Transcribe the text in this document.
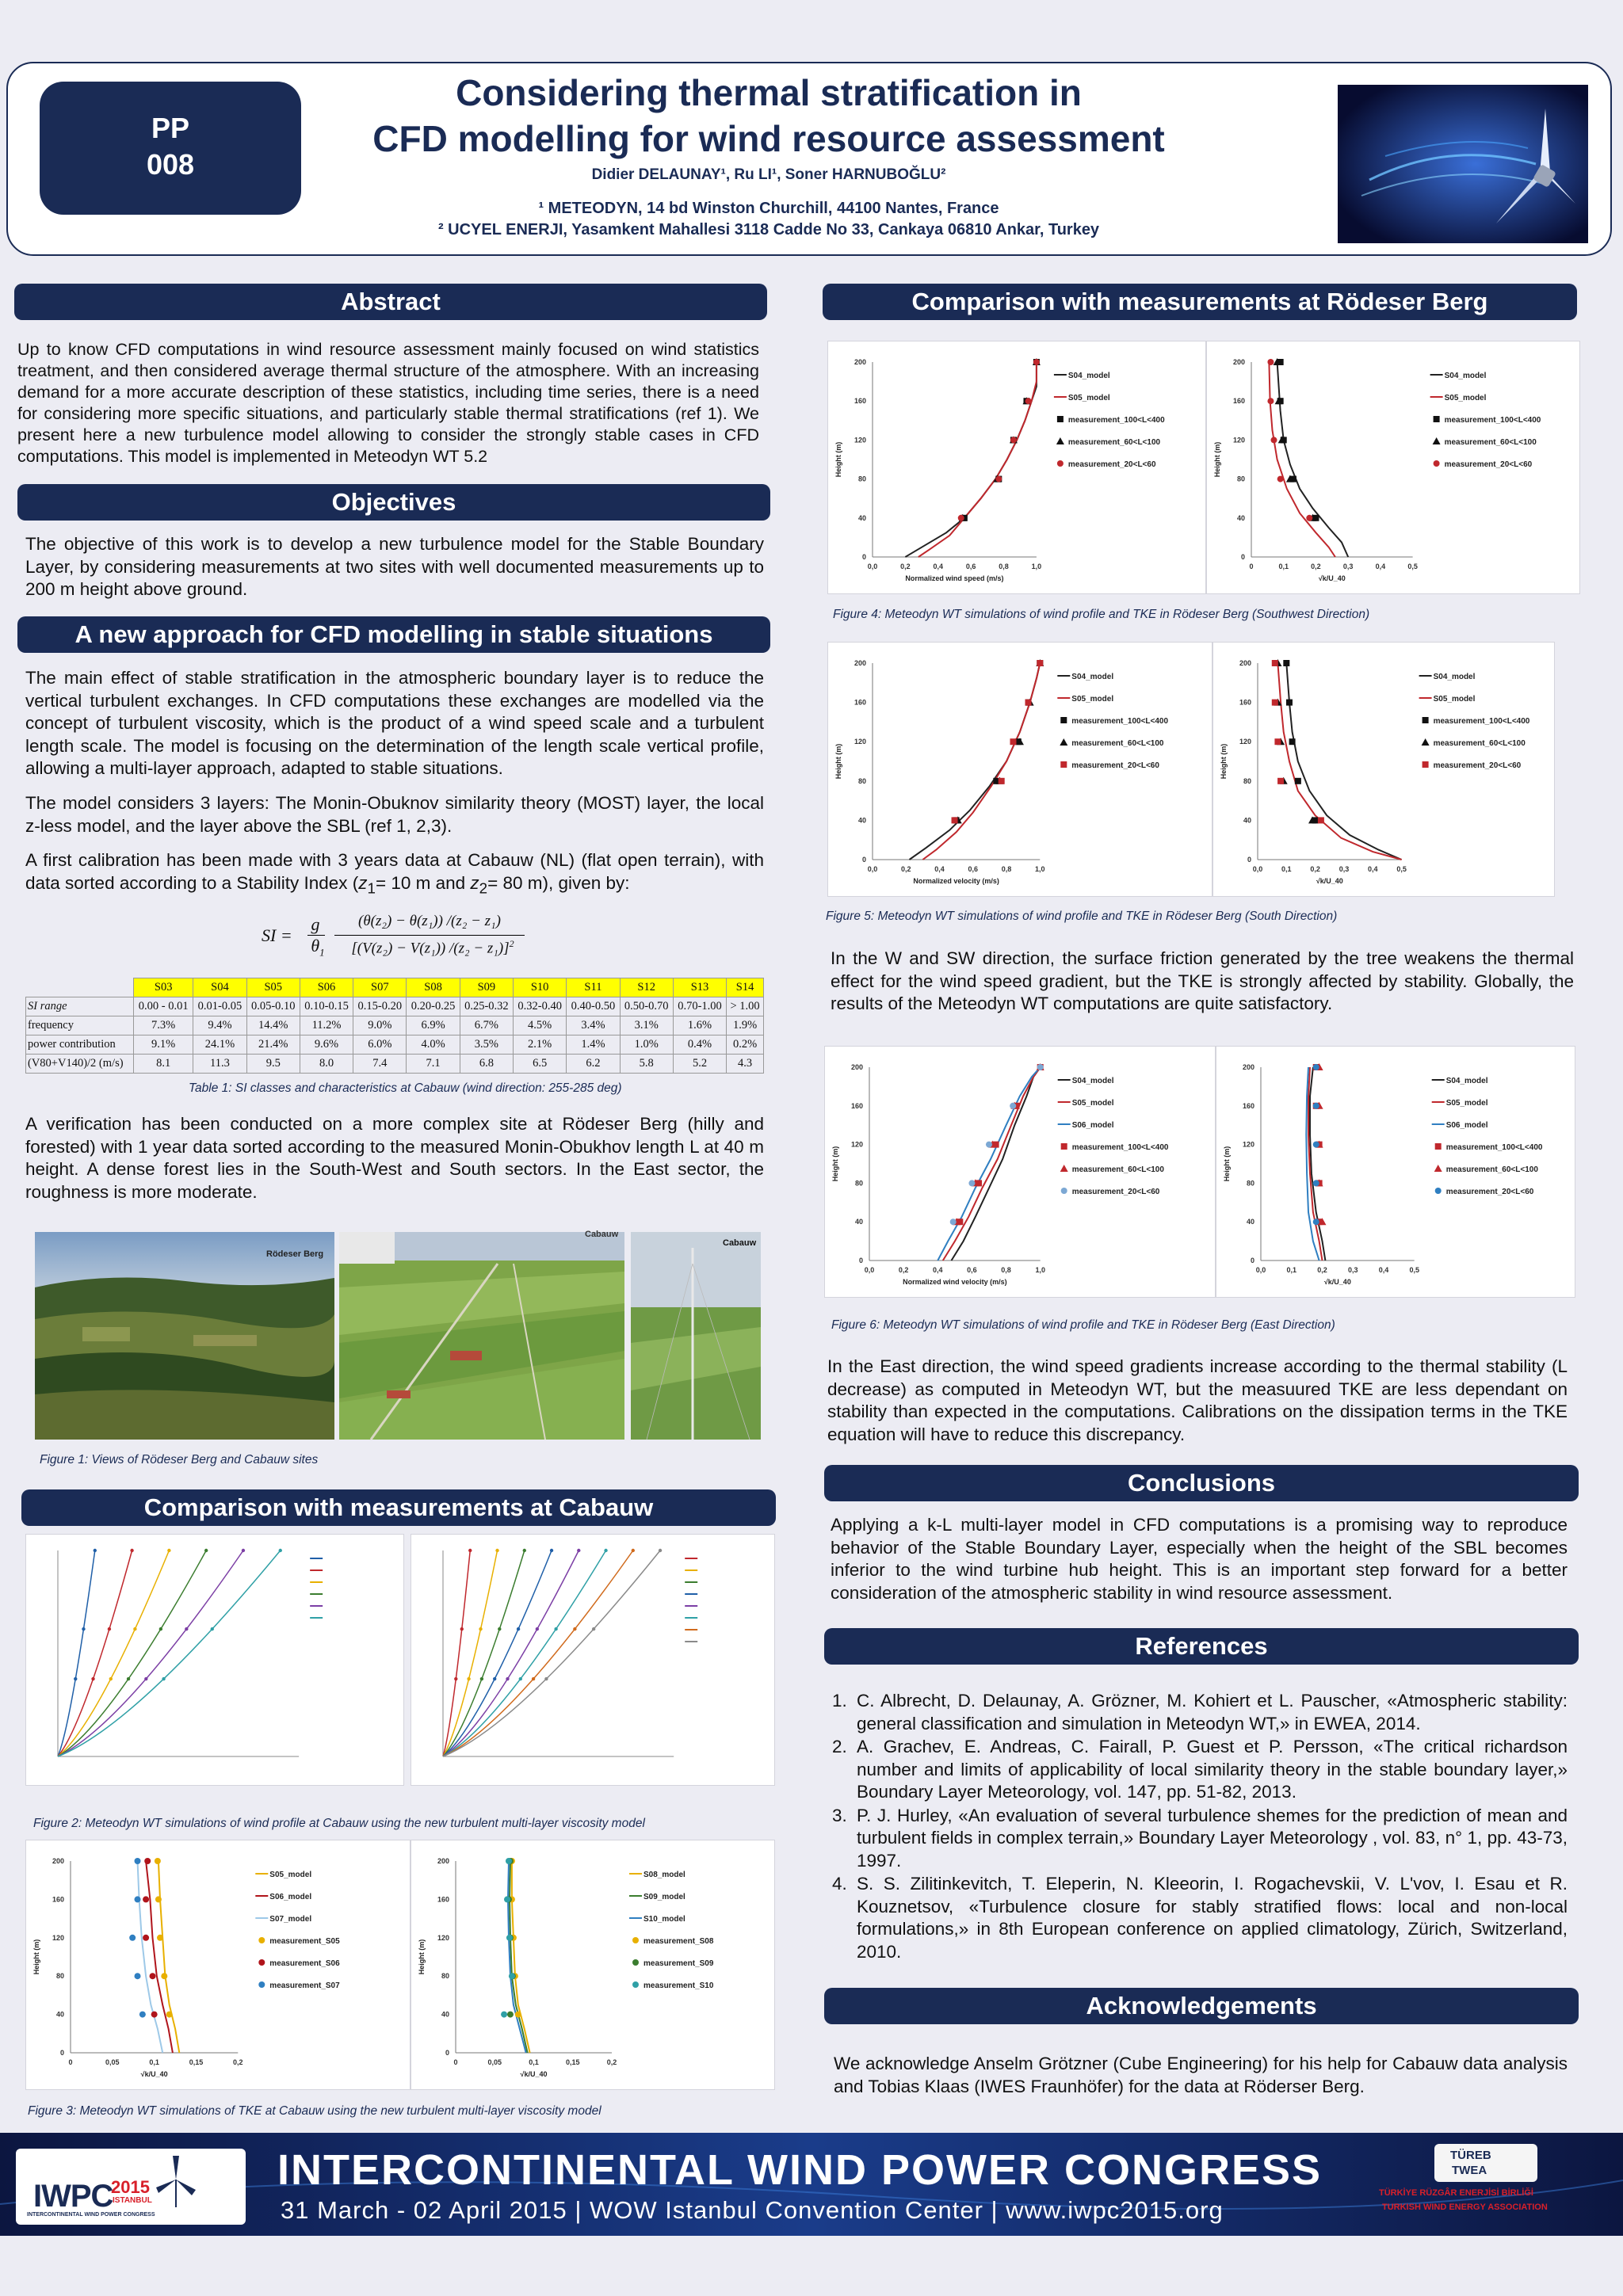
PP
008
Considering thermal stratification in
CFD modelling for wind resource assessment
Didier DELAUNAY¹, Ru LI¹, Soner HARNUBOĞLU²
¹ METEODYN, 14 bd Winston Churchill, 44100 Nantes, France
² UCYEL ENERJI, Yasamkent Mahallesi 3118 Cadde No 33, Cankaya 06810 Ankar, Turkey
Abstract
Up to know CFD computations in wind resource assessment mainly focused on wind statistics treatment, and then considered average thermal structure of the atmosphere. With an increasing demand for a more accurate description of these statistics, including time series, there is a need for considering more specific situations, and particularly stable thermal stratifications (ref 1). We present here a new turbulence model allowing to consider the strongly stable cases in CFD computations. This model is implemented in Meteodyn WT 5.2
Objectives
The objective of this work is to develop a new turbulence model for the Stable Boundary Layer, by considering measurements at two sites with well documented measurements up to 200 m height above ground.
A new approach for CFD modelling in stable situations
The main effect of stable stratification in the atmospheric boundary layer is to reduce the vertical turbulent exchanges. In CFD computations these exchanges are modelled via the concept of turbulent viscosity, which is the product of a wind speed scale and a turbulent length scale. The model is focusing on the determination of the length scale vertical profile, allowing a multi-layer approach, adapted to stable situations.
The model considers 3 layers: The Monin-Obuknov similarity theory (MOST) layer, the local z-less model, and the layer above the SBL (ref 1, 2,3).
A first calibration has been made with 3 years data at Cabauw (NL) (flat open terrain), with data sorted according to a Stability Index ($z_1= 10$ m and $z_2= 80$ m), given by:
SI =
g
$\theta_1$
(θ(z₂) − θ(z₁)) /(z₂ − z₁)
[(V(z₂) − V(z₁)) /(z₂ − z₁)]$^2$
	S03	S04	S05	S06	S07	S08	S09	S10	S11	S12	S13	S14
SI range	0.00 - 0.01	0.01-0.05	0.05-0.10	0.10-0.15	0.15-0.20	0.20-0.25	0.25-0.32	0.32-0.40	0.40-0.50	0.50-0.70	0.70-1.00	> 1.00
frequency	7.3%	9.4%	14.4%	11.2%	9.0%	6.9%	6.7%	4.5%	3.4%	3.1%	1.6%	1.9%
power contribution	9.1%	24.1%	21.4%	9.6%	6.0%	4.0%	3.5%	2.1%	1.4%	1.0%	0.4%	0.2%
(V80+V140)/2 (m/s)	8.1	11.3	9.5	8.0	7.4	7.1	6.8	6.5	6.2	5.8	5.2	4.3
Table 1: SI classes and characteristics at Cabauw (wind direction: 255-285 deg)
A verification has been conducted on a more complex site at Rödeser Berg (hilly and forested) with 1 year data sorted according to the measured Monin-Obukhov length L at 40 m height. A dense forest lies in the South-West and South sectors. In the East sector, the roughness is more moderate.
Rödeser Berg
Cabauw
Cabauw
Figure 1: Views of Rödeser Berg and Cabauw sites
Comparison with measurements at Cabauw
Figure 2: Meteodyn WT simulations of wind profile at Cabauw using the new turbulent multi-layer viscosity model
0	0,05	0,1	0,15	0,2
0
40
80
120
160
200
√k/U_40
Height (m)
S05_model
S06_model
S07_model
measurement_S05
measurement_S06
measurement_S07
0	0,05	0,1	0,15	0,2
0
40
80
120
160
200
√k/U_40
Height (m)
S08_model
S09_model
S10_model
measurement_S08
measurement_S09
measurement_S10
Figure 3: Meteodyn WT simulations of TKE at Cabauw using the new turbulent multi-layer viscosity model
Comparison with measurements at Rödeser Berg
0,0	0,2	0,4	0,6	0,8	1,0
0
40
80
120
160
200
Normalized wind speed (m/s)
Height (m)
S04_model
S05_model
measurement_100<L<400
measurement_60<L<100
measurement_20<L<60
0	0,1	0,2	0,3	0,4	0,5
0
40
80
120
160
200
√k/U_40
Height (m)
S04_model
S05_model
measurement_100<L<400
measurement_60<L<100
measurement_20<L<60
Figure 4: Meteodyn WT simulations of wind profile and TKE in Rödeser Berg (Southwest Direction)
0,0	0,2	0,4	0,6	0,8	1,0
0
40
80
120
160
200
Normalized velocity (m/s)
Height (m)
S04_model
S05_model
measurement_100<L<400
measurement_60<L<100
measurement_20<L<60
0,0	0,1	0,2	0,3	0,4	0,5
0
40
80
120
160
200
√k/U_40
Height (m)
S04_model
S05_model
measurement_100<L<400
measurement_60<L<100
measurement_20<L<60
Figure 5: Meteodyn WT simulations of wind profile and TKE in Rödeser Berg (South Direction)
In the W and SW direction, the surface friction generated by the tree weakens the thermal effect for the wind speed gradient, but the TKE is strongly affected by stability. Globally, the results of the Meteodyn WT computations are quite satisfactory.
0,0	0,2	0,4	0,6	0,8	1,0
0
40
80
120
160
200
Normalized wind velocity (m/s)
Height (m)
S04_model
S05_model
S06_model
measurement_100<L<400
measurement_60<L<100
measurement_20<L<60
0,0	0,1	0,2	0,3	0,4	0,5
0
40
80
120
160
200
√k/U_40
Height (m)
S04_model
S05_model
S06_model
measurement_100<L<400
measurement_60<L<100
measurement_20<L<60
Figure 6: Meteodyn WT simulations of wind profile and TKE in Rödeser Berg (East Direction)
In the East direction, the wind speed gradients increase according to the thermal stability (L decrease) as computed in Meteodyn WT, but the measuured TKE are less dependant on stability than expected in the computations. Calibrations on the dissipation terms in the TKE equation will have to reduce this discrepancy.
Conclusions
Applying a k-L multi-layer model in CFD computations is a promising way to reproduce behavior of the Stable Boundary Layer, especially when the height of the SBL becomes inferior to the wind turbine hub height. This is an important step forward for a better consideration of the atmospheric stability in wind resource assessment.
References
1. C. Albrecht, D. Delaunay, A. Grözner, M. Kohiert et L. Pauscher, «Atmospheric stability: general classification and simulation in Meteodyn WT,» in EWEA, 2014.
2. A. Grachev, E. Andreas, C. Fairall, P. Guest et P. Persson, «The critical richardson number and limits of applicability of local similarity theory in the stable boundary layer,» Boundary Layer Meteorology, vol. 147, pp. 51-82, 2013.
3. P. J. Hurley, «An evaluation of several turbulence shemes for the prediction of mean and turbulent fields in complex terrain,» Boundary Layer Meteorology , vol. 83, n° 1, pp. 43-73, 1997.
4. S. S. Zilitinkevitch, T. Eleperin, N. Kleeorin, I. Rogachevskii, V. L'vov, I. Esau et R. Kouznetsov, «Turbulence closure for stably stratified flows: local and non-local formulations,» in 8th European conference on applied climatology, Zürich, Switzerland, 2010.
Acknowledgements
We acknowledge Anselm Grötzner (Cube Engineering) for his help for Cabauw data analysis and Tobias Klaas (IWES Fraunhöfer) for the data at Röderser Berg.
IWPC
2015
ISTANBUL
INTERCONTINENTAL WIND POWER CONGRESS
INTERCONTINENTAL WIND POWER CONGRESS
31 March - 02 April 2015 | WOW Istanbul Convention Center | www.iwpc2015.org
TÜREB
TWEA
TÜRKİYE RÜZGÂR ENERJİSİ BİRLİĞİ
TURKISH WIND ENERGY ASSOCIATION
